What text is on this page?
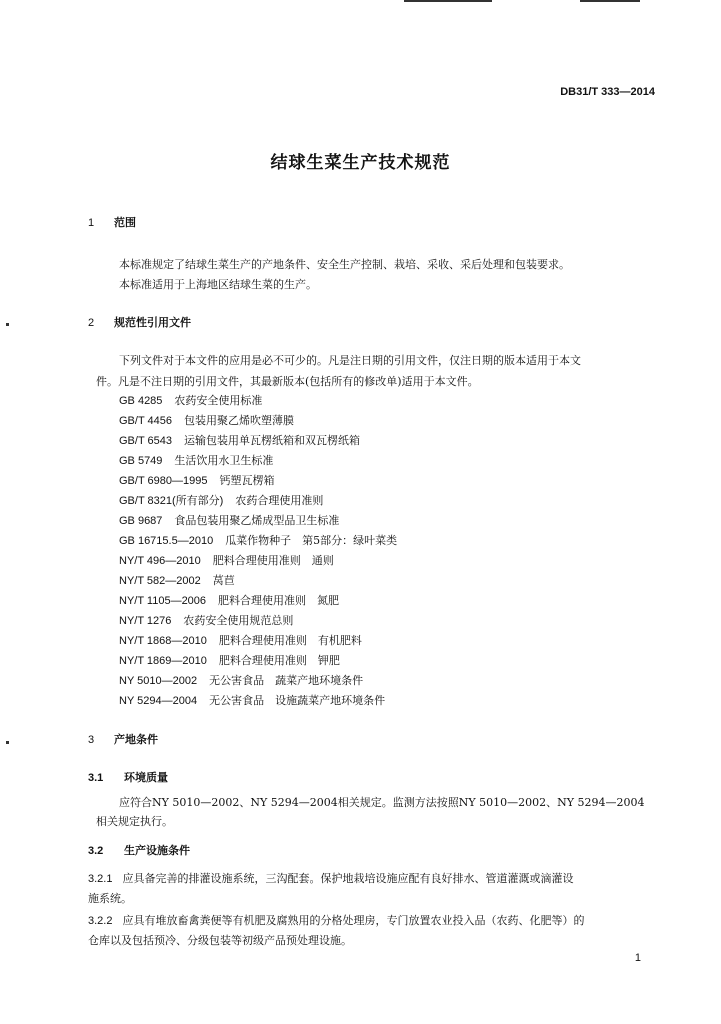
DB31/T 333—2014
结球生菜生产技术规范
1 范围
本标准规定了结球生菜生产的产地条件、安全生产控制、栽培、采收、采后处理和包装要求。
本标准适用于上海地区结球生菜的生产。
2 规范性引用文件
下列文件对于本文件的应用是必不可少的。凡是注日期的引用文件，仅注日期的版本适用于本文
件。凡是不注日期的引用文件，其最新版本(包括所有的修改单)适用于本文件。
GB 4285 农药安全使用标准
GB/T 4456 包装用聚乙烯吹塑薄膜
GB/T 6543 运输包装用单瓦楞纸箱和双瓦楞纸箱
GB 5749 生活饮用水卫生标准
GB/T 6980—1995 钙塑瓦楞箱
GB/T 8321(所有部分) 农药合理使用准则
GB 9687 食品包装用聚乙烯成型品卫生标准
GB 16715.5—2010 瓜菜作物种子　第5部分：绿叶菜类
NY/T 496—2010 肥料合理使用准则　通则
NY/T 582—2002 莴苣
NY/T 1105—2006 肥料合理使用准则　氮肥
NY/T 1276 农药安全使用规范总则
NY/T 1868—2010 肥料合理使用准则　有机肥料
NY/T 1869—2010 肥料合理使用准则　钾肥
NY 5010—2002 无公害食品　蔬菜产地环境条件
NY 5294—2004 无公害食品　设施蔬菜产地环境条件
3 产地条件
3.1 环境质量
应符合NY 5010—2002、NY 5294—2004相关规定。监测方法按照NY 5010—2002、NY 5294—2004
相关规定执行。
3.2 生产设施条件
3.2.1 应具备完善的排灌设施系统，三沟配套。保护地栽培设施应配有良好排水、管道灌溉或滴灌设
施系统。
3.2.2 应具有堆放畜禽粪便等有机肥及腐熟用的分格处理房，专门放置农业投入品（农药、化肥等）的
仓库以及包括预冷、分级包装等初级产品预处理设施。
1
